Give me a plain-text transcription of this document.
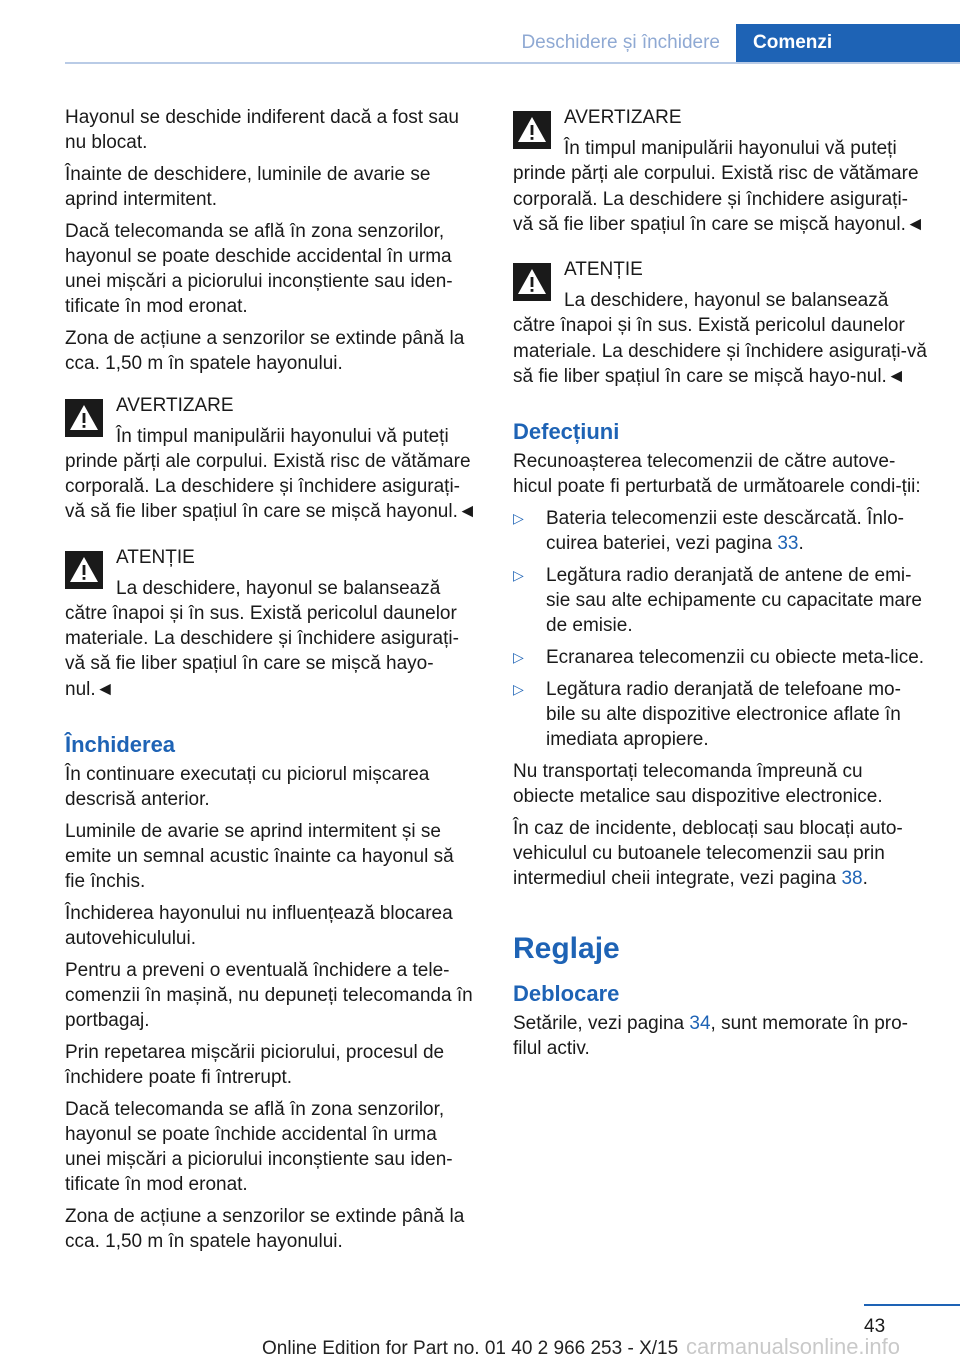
Deschidere și închidere	Comenzi

Hayonul se deschide indiferent dacă a fost sau nu blocat.

Înainte de deschidere, luminile de avarie se aprind intermitent.

Dacă telecomanda se află în zona senzorilor, hayonul se poate deschide accidental în urma unei mișcări a piciorului inconștiente sau iden‐tificate în mod eronat.

Zona de acțiune a senzorilor se extinde până la cca. 1,50 m în spatele hayonului.

AVERTIZARE
În timpul manipulării hayonului vă puteți prinde părți ale corpului. Există risc de vătămare corporală. La deschidere și închidere asigurați-vă să fie liber spațiul în care se mișcă hayonul.◄
ATENȚIE
La deschidere, hayonul se balansează către înapoi și în sus. Există pericolul daunelor materiale. La deschidere și închidere asigurați-vă să fie liber spațiul în care se mișcă hayo‐nul.◄
Închiderea

În continuare executați cu piciorul mișcarea descrisă anterior.

Luminile de avarie se aprind intermitent și se emite un semnal acustic înainte ca hayonul să fie închis.

Închiderea hayonului nu influențează blocarea autovehiculului.

Pentru a preveni o eventuală închidere a tele‐comenzii în mașină, nu depuneți telecomanda în portbagaj.

Prin repetarea mișcării piciorului, procesul de închidere poate fi întrerupt.

Dacă telecomanda se află în zona senzorilor, hayonul se poate închide accidental în urma unei mișcări a piciorului inconștiente sau iden‐tificate în mod eronat.

Zona de acțiune a senzorilor se extinde până la cca. 1,50 m în spatele hayonului.

AVERTIZARE
În timpul manipulării hayonului vă puteți prinde părți ale corpului. Există risc de vătămare corporală. La deschidere și închidere asigurați-vă să fie liber spațiul în care se mișcă hayonul.◄
ATENȚIE
La deschidere, hayonul se balansează către înapoi și în sus. Există pericolul daunelor materiale. La deschidere și închidere asigurați-vă să fie liber spațiul în care se mișcă hayo‐nul.◄
Defecțiuni

Recunoașterea telecomenzii de către autove‐hicul poate fi perturbată de următoarele condi‐ții:

▷ Bateria telecomenzii este descărcată. Înlo‐cuirea bateriei, vezi pagina 33.
▷ Legătura radio deranjată de antene de emi‐sie sau alte echipamente cu capacitate mare de emisie.
▷ Ecranarea telecomenzii cu obiecte meta‐lice.
▷ Legătura radio deranjată de telefoane mo‐bile su alte dispozitive electronice aflate în imediata apropiere.

Nu transportați telecomanda împreună cu obiecte metalice sau dispozitive electronice.

În caz de incidente, deblocați sau blocați auto‐vehiculul cu butoanele telecomenzii sau prin intermediul cheii integrate, vezi pagina 38.

Reglaje
Deblocare

Setările, vezi pagina 34, sunt memorate în pro‐filul activ.

43
Online Edition for Part no. 01 40 2 966 253 - X/15 carmanualsonline.info
